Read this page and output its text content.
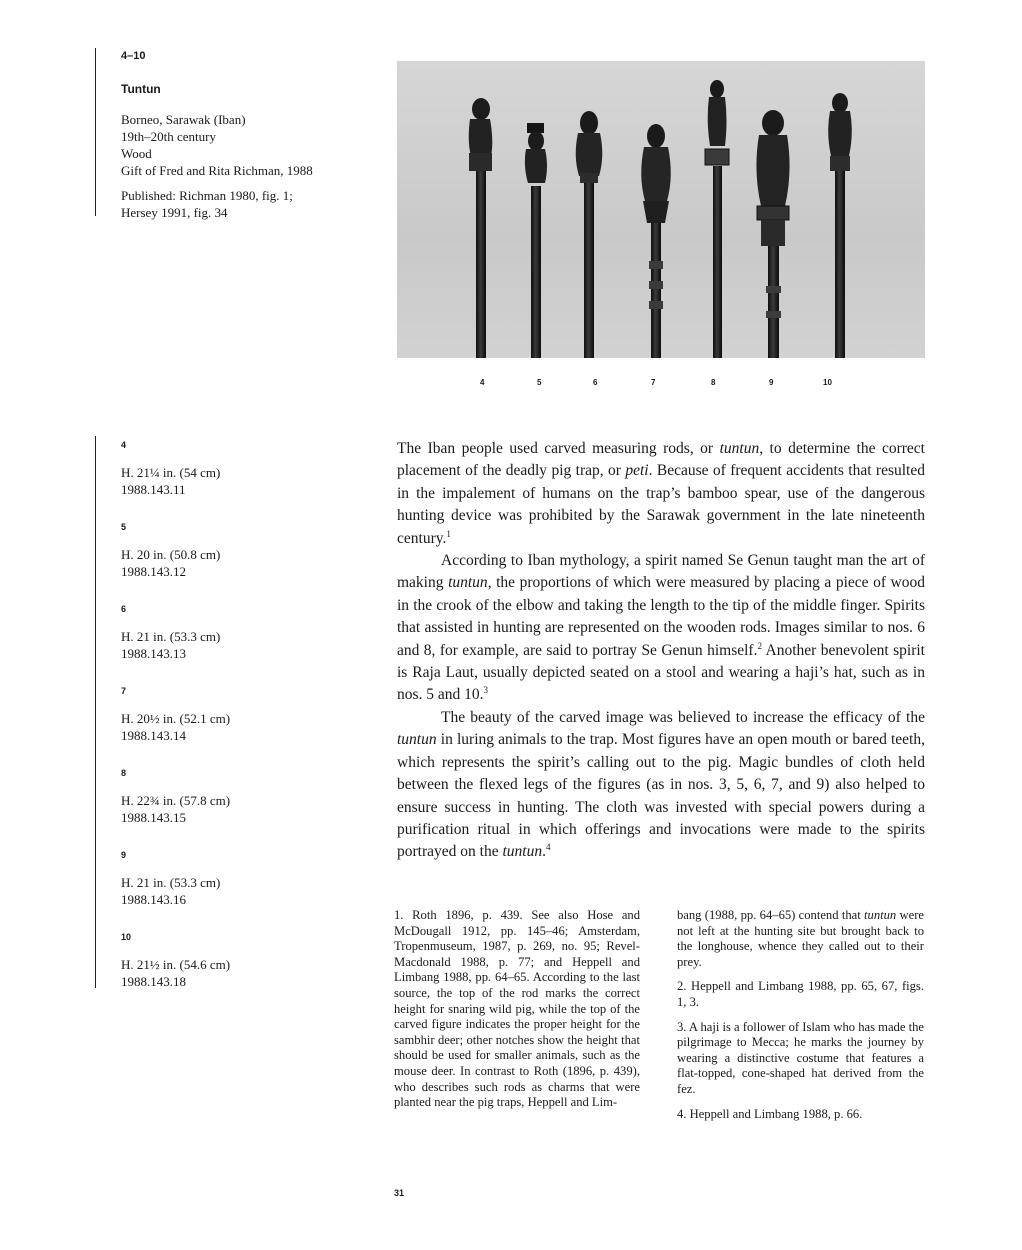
4–10
Tuntun
Borneo, Sarawak (Iban)
19th–20th century
Wood
Gift of Fred and Rita Richman, 1988
Published: Richman 1980, fig. 1;
Hersey 1991, fig. 34
4	5	6	7	8	9	10
4
H. 21¼ in. (54 cm)
1988.143.11
5
H. 20 in. (50.8 cm)
1988.143.12
6
H. 21 in. (53.3 cm)
1988.143.13
7
H. 20½ in. (52.1 cm)
1988.143.14
8
H. 22¾ in. (57.8 cm)
1988.143.15
9
H. 21 in. (53.3 cm)
1988.143.16
10
H. 21½ in. (54.6 cm)
1988.143.18

The Iban people used carved measuring rods, or tuntun, to determine the correct placement of the deadly pig trap, or peti. Because of frequent accidents that resulted in the impalement of humans on the trap’s bamboo spear, use of the dangerous hunting device was prohibited by the Sarawak government in the late nineteenth century.$^1$

According to Iban mythology, a spirit named Se Genun taught man the art of making tuntun, the proportions of which were measured by placing a piece of wood in the crook of the elbow and taking the length to the tip of the middle finger. Spirits that assisted in hunting are represented on the wooden rods. Images similar to nos. 6 and 8, for example, are said to portray Se Genun himself.$^2$ Another benevolent spirit is Raja Laut, usually depicted seated on a stool and wearing a haji’s hat, such as in nos. 5 and 10.$^3$

The beauty of the carved image was believed to increase the efficacy of the tuntun in luring animals to the trap. Most figures have an open mouth or bared teeth, which represents the spirit’s calling out to the pig. Magic bundles of cloth held between the flexed legs of the figures (as in nos. 3, 5, 6, 7, and 9) also helped to ensure success in hunting. The cloth was invested with special powers during a purification ritual in which offerings and invocations were made to the spirits portrayed on the tuntun.$^4$

1. Roth 1896, p. 439. See also Hose and McDougall 1912, pp. 145–46; Amsterdam, Tropenmuseum, 1987, p. 269, no. 95; Revel-Macdonald 1988, p. 77; and Heppell and Limbang 1988, pp. 64–65. According to the last source, the top of the rod marks the correct height for snaring wild pig, while the top of the carved figure indicates the proper height for the sambhir deer; other notches show the height that should be used for smaller animals, such as the mouse deer. In contrast to Roth (1896, p. 439), who describes such rods as charms that were planted near the pig traps, Heppell and Lim-

bang (1988, pp. 64–65) contend that tuntun were not left at the hunting site but brought back to the longhouse, whence they called out to their prey.

2. Heppell and Limbang 1988, pp. 65, 67, figs. 1, 3.

3. A haji is a follower of Islam who has made the pilgrimage to Mecca; he marks the journey by wearing a distinctive costume that features a flat-topped, cone-shaped hat derived from the fez.

4. Heppell and Limbang 1988, p. 66.

31
